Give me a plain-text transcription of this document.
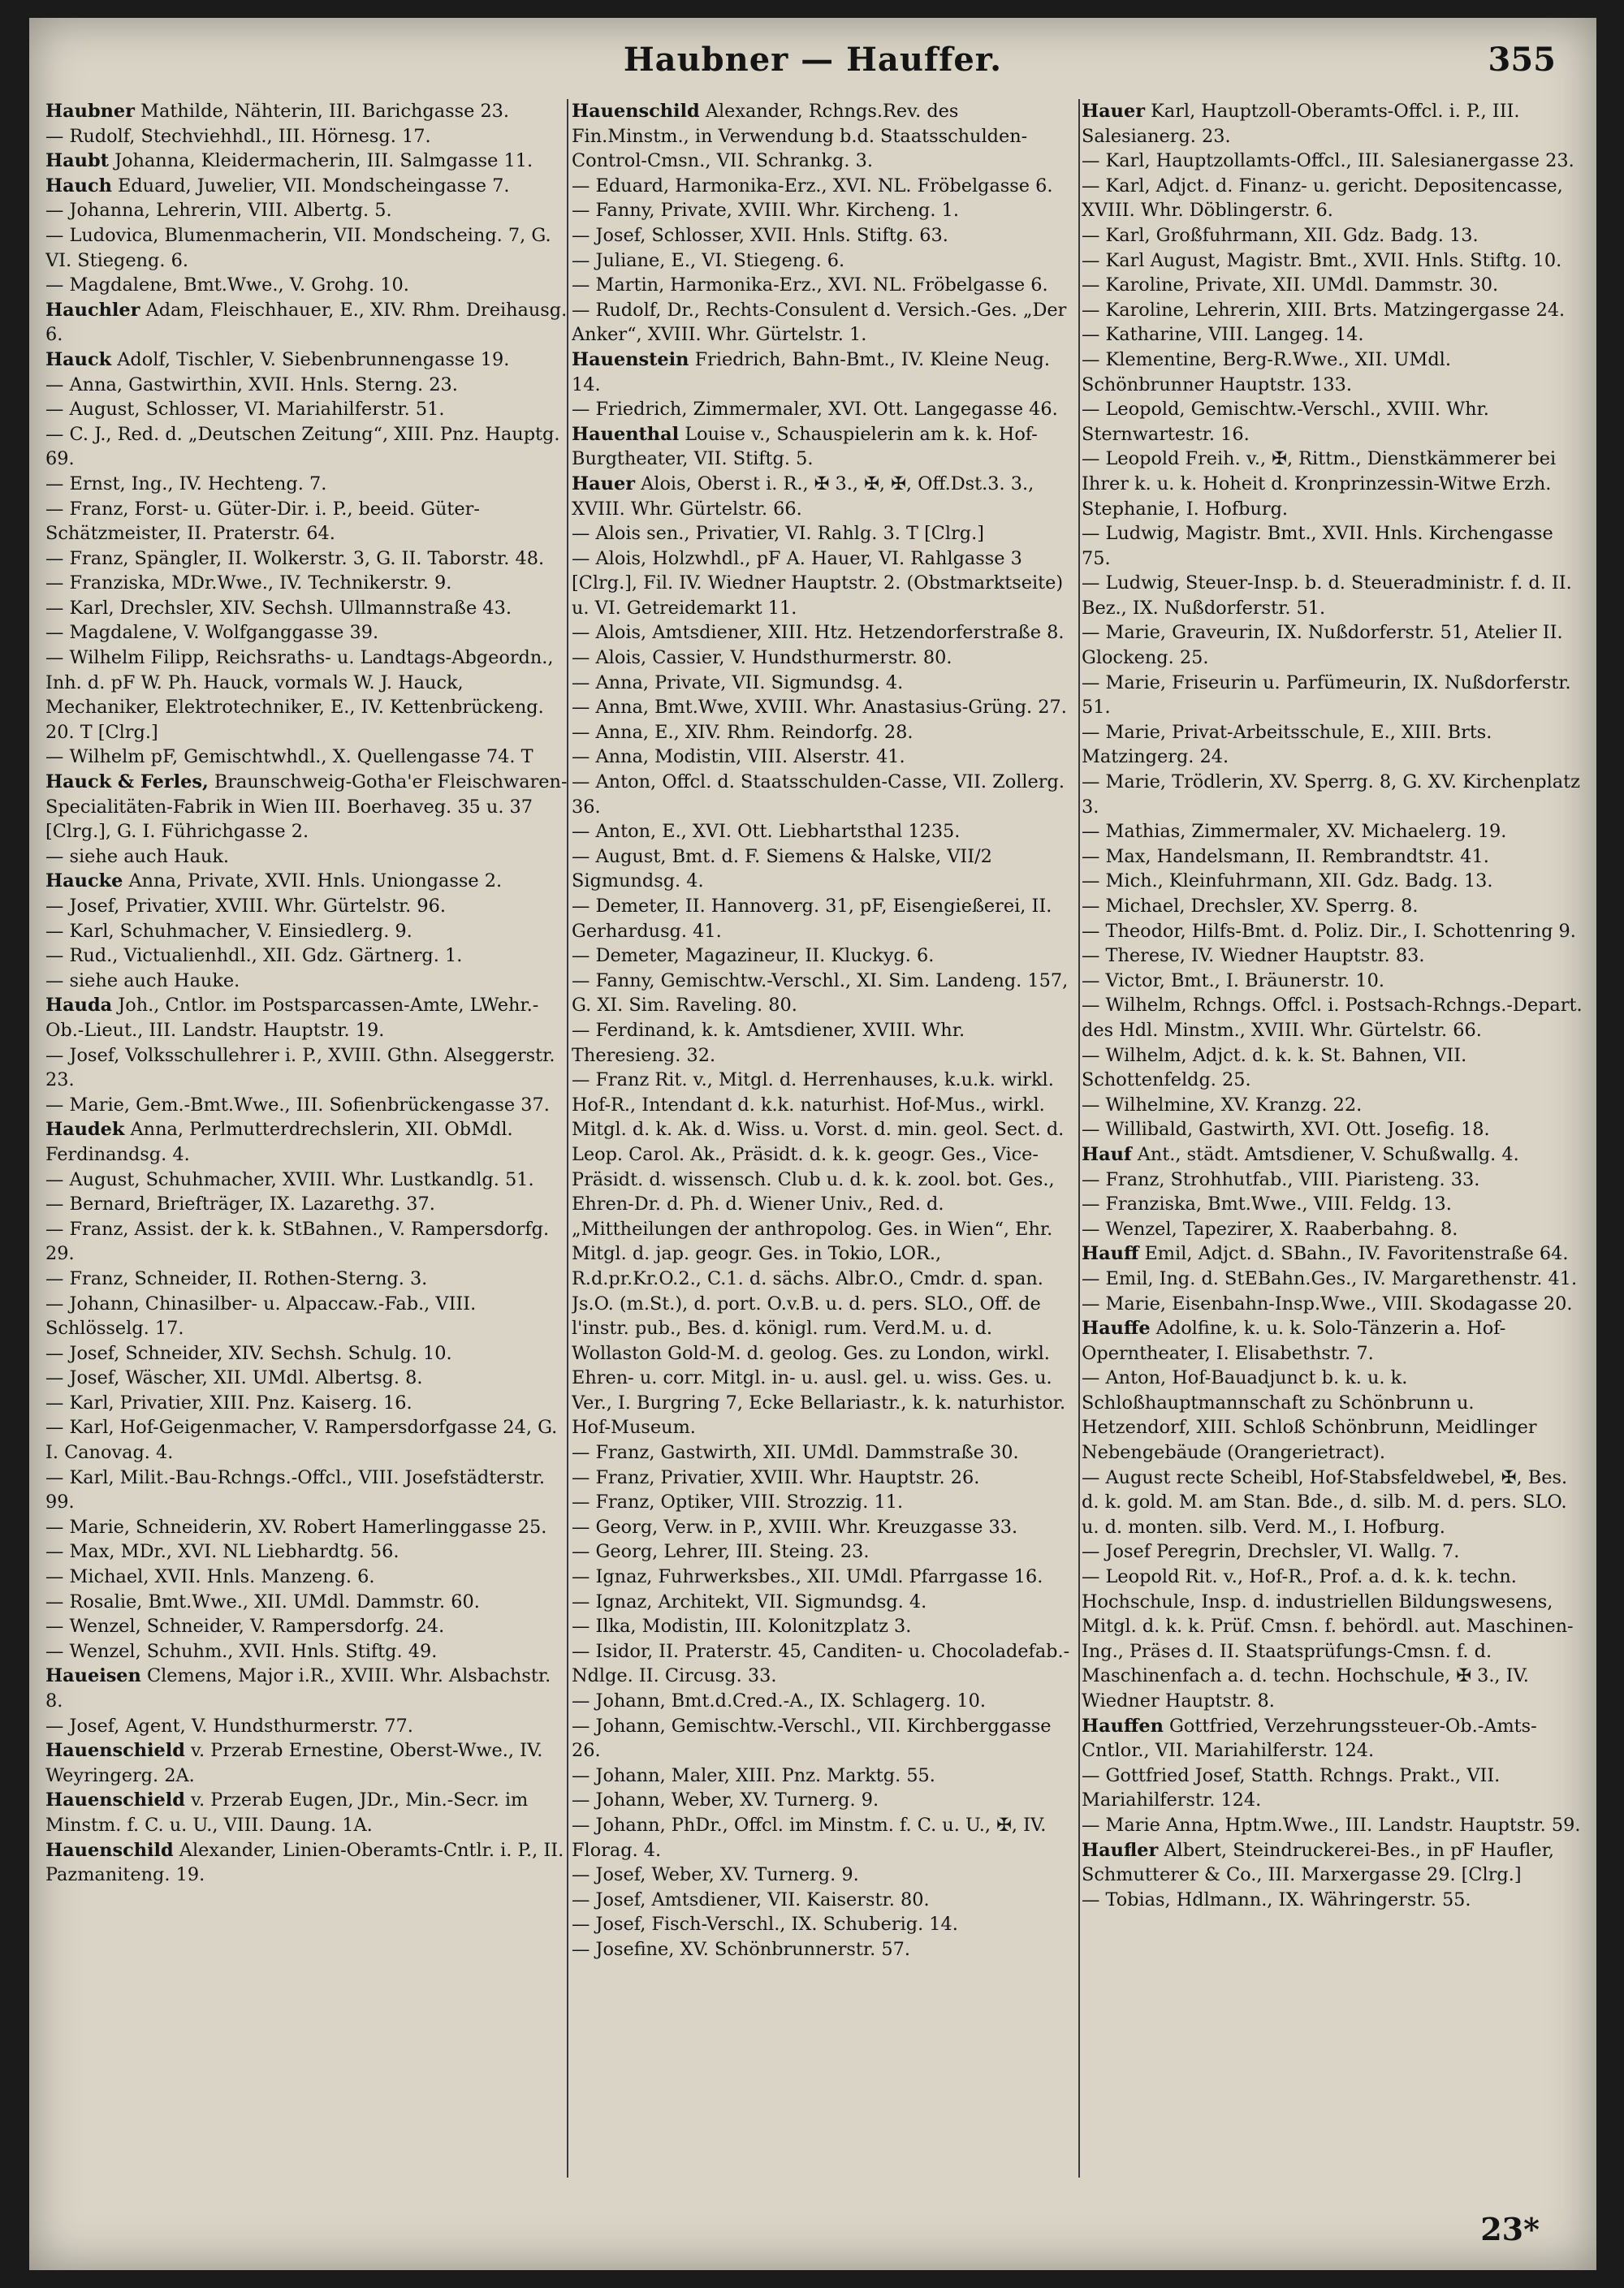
Haubner — Hauffer.	355

Haubner Mathilde, Nähterin, III. Barichgasse 23.

— Rudolf, Stechviehhdl., III. Hörnesg. 17.

Haubt Johanna, Kleidermacherin, III. Salmgasse 11.

Hauch Eduard, Juwelier, VII. Mondscheingasse 7.

— Johanna, Lehrerin, VIII. Albertg. 5.

— Ludovica, Blumenmacherin, VII. Mondscheing. 7, G. VI. Stiegeng. 6.

— Magdalene, Bmt.Wwe., V. Grohg. 10.

Hauchler Adam, Fleischhauer, E., XIV. Rhm. Dreihausg. 6.

Hauck Adolf, Tischler, V. Siebenbrunnengasse 19.

— Anna, Gastwirthin, XVII. Hnls. Sterng. 23.

— August, Schlosser, VI. Mariahilferstr. 51.

— C. J., Red. d. „Deutschen Zeitung“, XIII. Pnz. Hauptg. 69.

— Ernst, Ing., IV. Hechteng. 7.

— Franz, Forst- u. Güter-Dir. i. P., beeid. Güter-Schätzmeister, II. Praterstr. 64.

— Franz, Spängler, II. Wolkerstr. 3, G. II. Taborstr. 48.

— Franziska, MDr.Wwe., IV. Technikerstr. 9.

— Karl, Drechsler, XIV. Sechsh. Ullmannstraße 43.

— Magdalene, V. Wolfganggasse 39.

— Wilhelm Filipp, Reichsraths- u. Landtags-Abgeordn., Inh. d. pF W. Ph. Hauck, vormals W. J. Hauck, Mechaniker, Elektrotechniker, E., IV. Kettenbrückeng. 20. T [Clrg.]

— Wilhelm pF, Gemischtwhdl., X. Quellengasse 74. T

Hauck & Ferles, Braunschweig-Gotha'er Fleischwaren-Specialitäten-Fabrik in Wien III. Boerhaveg. 35 u. 37 [Clrg.], G. I. Führichgasse 2.

— siehe auch Hauk.

Haucke Anna, Private, XVII. Hnls. Uniongasse 2.

— Josef, Privatier, XVIII. Whr. Gürtelstr. 96.

— Karl, Schuhmacher, V. Einsiedlerg. 9.

— Rud., Victualienhdl., XII. Gdz. Gärtnerg. 1.

— siehe auch Hauke.

Hauda Joh., Cntlor. im Postsparcassen-Amte, LWehr.-Ob.-Lieut., III. Landstr. Hauptstr. 19.

— Josef, Volksschullehrer i. P., XVIII. Gthn. Alseggerstr. 23.

— Marie, Gem.-Bmt.Wwe., III. Sofienbrückengasse 37.

Haudek Anna, Perlmutterdrechslerin, XII. ObMdl. Ferdinandsg. 4.

— August, Schuhmacher, XVIII. Whr. Lustkandlg. 51.

— Bernard, Briefträger, IX. Lazarethg. 37.

— Franz, Assist. der k. k. StBahnen., V. Rampersdorfg. 29.

— Franz, Schneider, II. Rothen-Sterng. 3.

— Johann, Chinasilber- u. Alpaccaw.-Fab., VIII. Schlösselg. 17.

— Josef, Schneider, XIV. Sechsh. Schulg. 10.

— Josef, Wäscher, XII. UMdl. Albertsg. 8.

— Karl, Privatier, XIII. Pnz. Kaiserg. 16.

— Karl, Hof-Geigenmacher, V. Rampersdorfgasse 24, G. I. Canovag. 4.

— Karl, Milit.-Bau-Rchngs.-Offcl., VIII. Josefstädterstr. 99.

— Marie, Schneiderin, XV. Robert Hamerlinggasse 25.

— Max, MDr., XVI. NL Liebhardtg. 56.

— Michael, XVII. Hnls. Manzeng. 6.

— Rosalie, Bmt.Wwe., XII. UMdl. Dammstr. 60.

— Wenzel, Schneider, V. Rampersdorfg. 24.

— Wenzel, Schuhm., XVII. Hnls. Stiftg. 49.

Haueisen Clemens, Major i.R., XVIII. Whr. Alsbachstr. 8.

— Josef, Agent, V. Hundsthurmerstr. 77.

Hauenschield v. Przerab Ernestine, Oberst-Wwe., IV. Weyringerg. 2A.

Hauenschield v. Przerab Eugen, JDr., Min.-Secr. im Minstm. f. C. u. U., VIII. Daung. 1A.

Hauenschild Alexander, Linien-Oberamts-Cntlr. i. P., II. Pazmaniteng. 19.

Hauenschild Alexander, Rchngs.Rev. des Fin.Minstm., in Verwendung b.d. Staatsschulden-Control-Cmsn., VII. Schrankg. 3.

— Eduard, Harmonika-Erz., XVI. NL. Fröbelgasse 6.

— Fanny, Private, XVIII. Whr. Kircheng. 1.

— Josef, Schlosser, XVII. Hnls. Stiftg. 63.

— Juliane, E., VI. Stiegeng. 6.

— Martin, Harmonika-Erz., XVI. NL. Fröbelgasse 6.

— Rudolf, Dr., Rechts-Consulent d. Versich.-Ges. „Der Anker“, XVIII. Whr. Gürtelstr. 1.

Hauenstein Friedrich, Bahn-Bmt., IV. Kleine Neug. 14.

— Friedrich, Zimmermaler, XVI. Ott. Langegasse 46.

Hauenthal Louise v., Schauspielerin am k. k. Hof-Burgtheater, VII. Stiftg. 5.

Hauer Alois, Oberst i. R., ✠ 3., ✠, ✠, Off.Dst.3. 3., XVIII. Whr. Gürtelstr. 66.

— Alois sen., Privatier, VI. Rahlg. 3. T [Clrg.]

— Alois, Holzwhdl., pF A. Hauer, VI. Rahlgasse 3 [Clrg.], Fil. IV. Wiedner Hauptstr. 2. (Obstmarktseite) u. VI. Getreidemarkt 11.

— Alois, Amtsdiener, XIII. Htz. Hetzendorferstraße 8.

— Alois, Cassier, V. Hundsthurmerstr. 80.

— Anna, Private, VII. Sigmundsg. 4.

— Anna, Bmt.Wwe, XVIII. Whr. Anastasius-Grüng. 27.

— Anna, E., XIV. Rhm. Reindorfg. 28.

— Anna, Modistin, VIII. Alserstr. 41.

— Anton, Offcl. d. Staatsschulden-Casse, VII. Zollerg. 36.

— Anton, E., XVI. Ott. Liebhartsthal 1235.

— August, Bmt. d. F. Siemens & Halske, VII/2 Sigmundsg. 4.

— Demeter, II. Hannoverg. 31, pF, Eisengießerei, II. Gerhardusg. 41.

— Demeter, Magazineur, II. Kluckyg. 6.

— Fanny, Gemischtw.-Verschl., XI. Sim. Landeng. 157, G. XI. Sim. Raveling. 80.

— Ferdinand, k. k. Amtsdiener, XVIII. Whr. Theresieng. 32.

— Franz Rit. v., Mitgl. d. Herrenhauses, k.u.k. wirkl. Hof-R., Intendant d. k.k. naturhist. Hof-Mus., wirkl. Mitgl. d. k. Ak. d. Wiss. u. Vorst. d. min. geol. Sect. d. Leop. Carol. Ak., Präsidt. d. k. k. geogr. Ges., Vice-Präsidt. d. wissensch. Club u. d. k. k. zool. bot. Ges., Ehren-Dr. d. Ph. d. Wiener Univ., Red. d. „Mittheilungen der anthropolog. Ges. in Wien“, Ehr. Mitgl. d. jap. geogr. Ges. in Tokio, LOR., R.d.pr.Kr.O.2., C.1. d. sächs. Albr.O., Cmdr. d. span. Js.O. (m.St.), d. port. O.v.B. u. d. pers. SLO., Off. de l'instr. pub., Bes. d. königl. rum. Verd.M. u. d. Wollaston Gold-M. d. geolog. Ges. zu London, wirkl. Ehren- u. corr. Mitgl. in- u. ausl. gel. u. wiss. Ges. u. Ver., I. Burgring 7, Ecke Bellariastr., k. k. naturhistor. Hof-Museum.

— Franz, Gastwirth, XII. UMdl. Dammstraße 30.

— Franz, Privatier, XVIII. Whr. Hauptstr. 26.

— Franz, Optiker, VIII. Strozzig. 11.

— Georg, Verw. in P., XVIII. Whr. Kreuzgasse 33.

— Georg, Lehrer, III. Steing. 23.

— Ignaz, Fuhrwerksbes., XII. UMdl. Pfarrgasse 16.

— Ignaz, Architekt, VII. Sigmundsg. 4.

— Ilka, Modistin, III. Kolonitzplatz 3.

— Isidor, II. Praterstr. 45, Canditen- u. Chocoladefab.-Ndlge. II. Circusg. 33.

— Johann, Bmt.d.Cred.-A., IX. Schlagerg. 10.

— Johann, Gemischtw.-Verschl., VII. Kirchberggasse 26.

— Johann, Maler, XIII. Pnz. Marktg. 55.

— Johann, Weber, XV. Turnerg. 9.

— Johann, PhDr., Offcl. im Minstm. f. C. u. U., ✠, IV. Florag. 4.

— Josef, Weber, XV. Turnerg. 9.

— Josef, Amtsdiener, VII. Kaiserstr. 80.

— Josef, Fisch-Verschl., IX. Schuberig. 14.

— Josefine, XV. Schönbrunnerstr. 57.

Hauer Karl, Hauptzoll-Oberamts-Offcl. i. P., III. Salesianerg. 23.

— Karl, Hauptzollamts-Offcl., III. Salesianergasse 23.

— Karl, Adjct. d. Finanz- u. gericht. Depositencasse, XVIII. Whr. Döblingerstr. 6.

— Karl, Großfuhrmann, XII. Gdz. Badg. 13.

— Karl August, Magistr. Bmt., XVII. Hnls. Stiftg. 10.

— Karoline, Private, XII. UMdl. Dammstr. 30.

— Karoline, Lehrerin, XIII. Brts. Matzingergasse 24.

— Katharine, VIII. Langeg. 14.

— Klementine, Berg-R.Wwe., XII. UMdl. Schönbrunner Hauptstr. 133.

— Leopold, Gemischtw.-Verschl., XVIII. Whr. Sternwartestr. 16.

— Leopold Freih. v., ✠, Rittm., Dienstkämmerer bei Ihrer k. u. k. Hoheit d. Kronprinzessin-Witwe Erzh. Stephanie, I. Hofburg.

— Ludwig, Magistr. Bmt., XVII. Hnls. Kirchengasse 75.

— Ludwig, Steuer-Insp. b. d. Steueradministr. f. d. II. Bez., IX. Nußdorferstr. 51.

— Marie, Graveurin, IX. Nußdorferstr. 51, Atelier II. Glockeng. 25.

— Marie, Friseurin u. Parfümeurin, IX. Nußdorferstr. 51.

— Marie, Privat-Arbeitsschule, E., XIII. Brts. Matzingerg. 24.

— Marie, Trödlerin, XV. Sperrg. 8, G. XV. Kirchenplatz 3.

— Mathias, Zimmermaler, XV. Michaelerg. 19.

— Max, Handelsmann, II. Rembrandtstr. 41.

— Mich., Kleinfuhrmann, XII. Gdz. Badg. 13.

— Michael, Drechsler, XV. Sperrg. 8.

— Theodor, Hilfs-Bmt. d. Poliz. Dir., I. Schottenring 9.

— Therese, IV. Wiedner Hauptstr. 83.

— Victor, Bmt., I. Bräunerstr. 10.

— Wilhelm, Rchngs. Offcl. i. Postsach-Rchngs.-Depart. des Hdl. Minstm., XVIII. Whr. Gürtelstr. 66.

— Wilhelm, Adjct. d. k. k. St. Bahnen, VII. Schottenfeldg. 25.

— Wilhelmine, XV. Kranzg. 22.

— Willibald, Gastwirth, XVI. Ott. Josefig. 18.

Hauf Ant., städt. Amtsdiener, V. Schußwallg. 4.

— Franz, Strohhutfab., VIII. Piaristeng. 33.

— Franziska, Bmt.Wwe., VIII. Feldg. 13.

— Wenzel, Tapezirer, X. Raaberbahng. 8.

Hauff Emil, Adjct. d. SBahn., IV. Favoritenstraße 64.

— Emil, Ing. d. StEBahn.Ges., IV. Margarethenstr. 41.

— Marie, Eisenbahn-Insp.Wwe., VIII. Skodagasse 20.

Hauffe Adolfine, k. u. k. Solo-Tänzerin a. Hof-Operntheater, I. Elisabethstr. 7.

— Anton, Hof-Bauadjunct b. k. u. k. Schloßhauptmannschaft zu Schönbrunn u. Hetzendorf, XIII. Schloß Schönbrunn, Meidlinger Nebengebäude (Orangerietract).

— August recte Scheibl, Hof-Stabsfeldwebel, ✠, Bes. d. k. gold. M. am Stan. Bde., d. silb. M. d. pers. SLO. u. d. monten. silb. Verd. M., I. Hofburg.

— Josef Peregrin, Drechsler, VI. Wallg. 7.

— Leopold Rit. v., Hof-R., Prof. a. d. k. k. techn. Hochschule, Insp. d. industriellen Bildungswesens, Mitgl. d. k. k. Prüf. Cmsn. f. behördl. aut. Maschinen-Ing., Präses d. II. Staatsprüfungs-Cmsn. f. d. Maschinenfach a. d. techn. Hochschule, ✠ 3., IV. Wiedner Hauptstr. 8.

Hauffen Gottfried, Verzehrungssteuer-Ob.-Amts-Cntlor., VII. Mariahilferstr. 124.

— Gottfried Josef, Statth. Rchngs. Prakt., VII. Mariahilferstr. 124.

— Marie Anna, Hptm.Wwe., III. Landstr. Hauptstr. 59.

Haufler Albert, Steindruckerei-Bes., in pF Haufler, Schmutterer & Co., III. Marxergasse 29. [Clrg.]

— Tobias, Hdlmann., IX. Währingerstr. 55.

23*
